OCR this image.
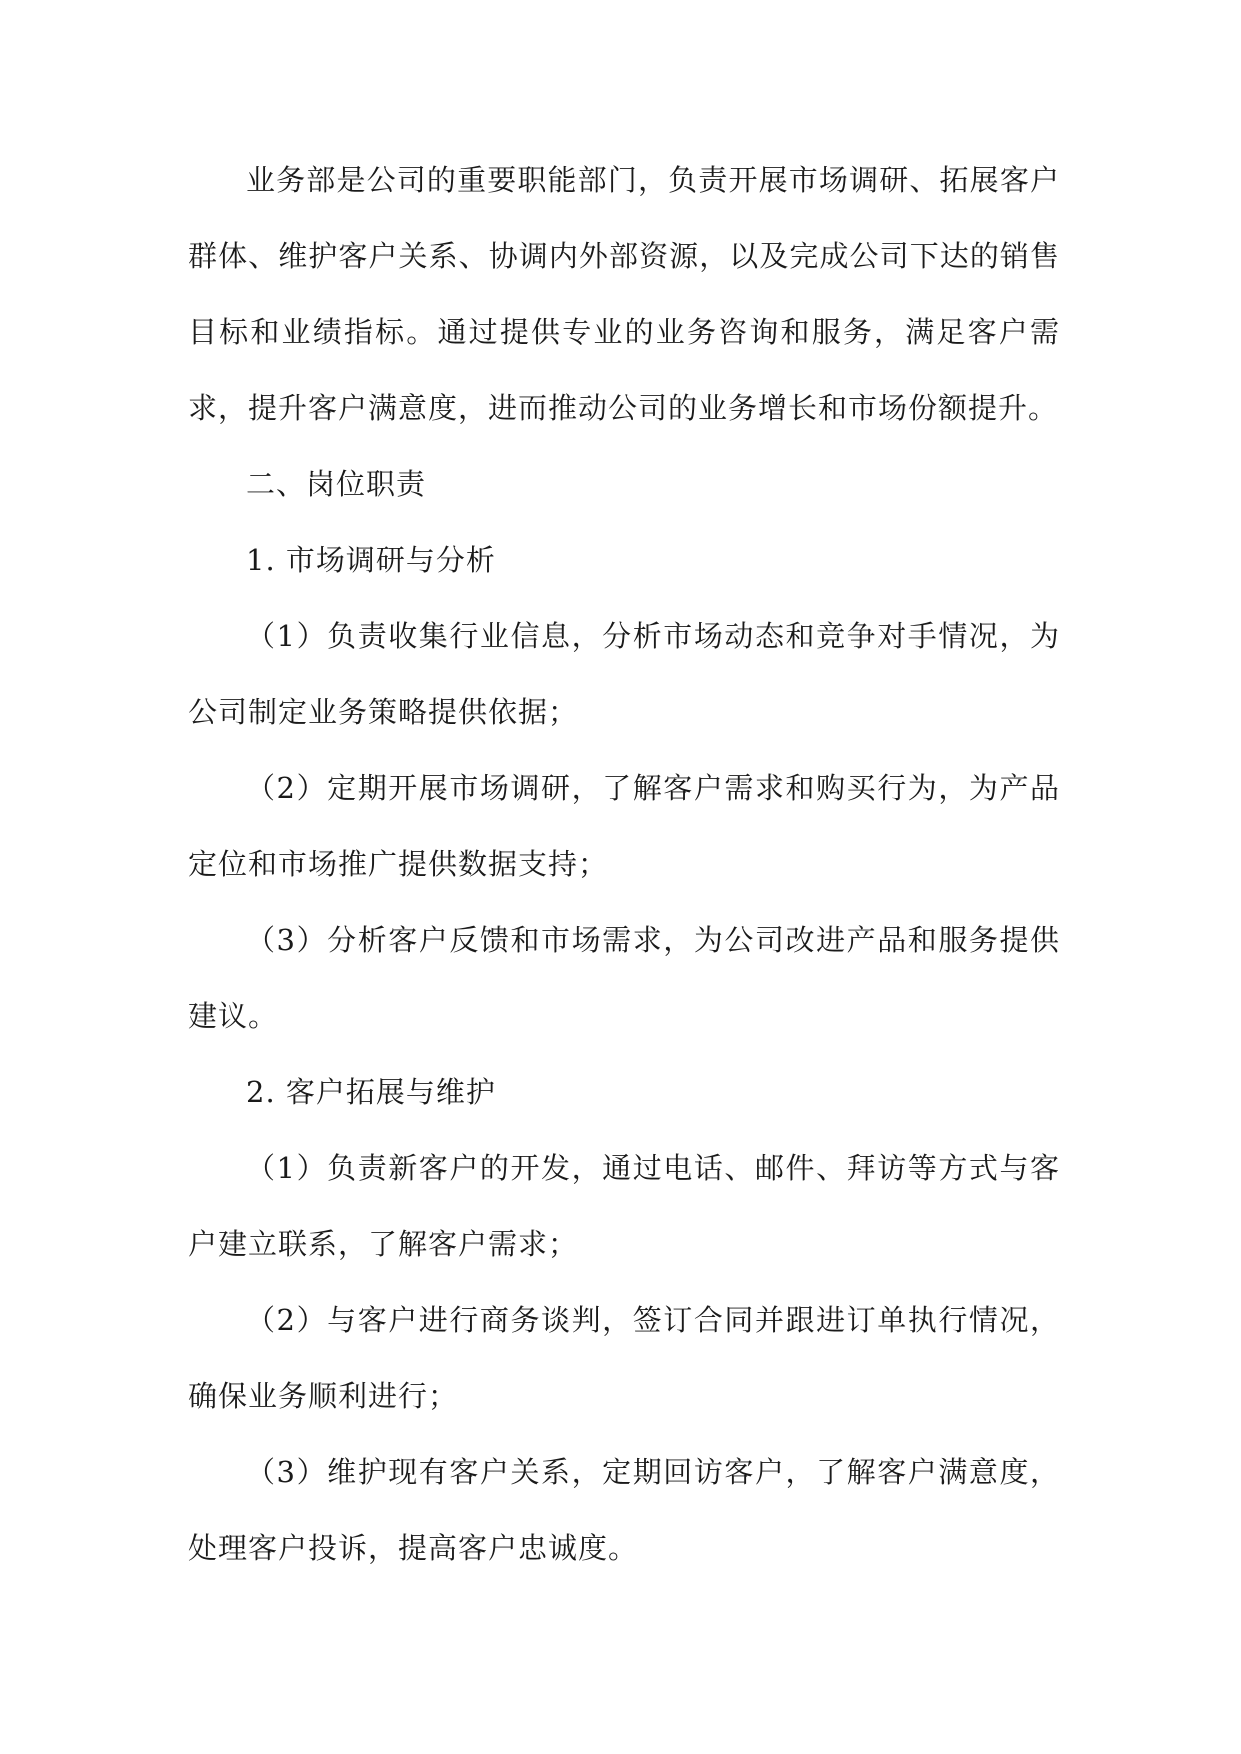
业务部是公司的重要职能部门，负责开展市场调研、拓展客户群体、维护客户关系、协调内外部资源，以及完成公司下达的销售目标和业绩指标。通过提供专业的业务咨询和服务，满足客户需求，提升客户满意度，进而推动公司的业务增长和市场份额提升。

二、岗位职责

1. 市场调研与分析

（1）负责收集行业信息，分析市场动态和竞争对手情况，为公司制定业务策略提供依据；

（2）定期开展市场调研，了解客户需求和购买行为，为产品定位和市场推广提供数据支持；

（3）分析客户反馈和市场需求，为公司改进产品和服务提供建议。

2. 客户拓展与维护

（1）负责新客户的开发，通过电话、邮件、拜访等方式与客户建立联系，了解客户需求；

（2）与客户进行商务谈判，签订合同并跟进订单执行情况，确保业务顺利进行；

（3）维护现有客户关系，定期回访客户，了解客户满意度，处理客户投诉，提高客户忠诚度。
